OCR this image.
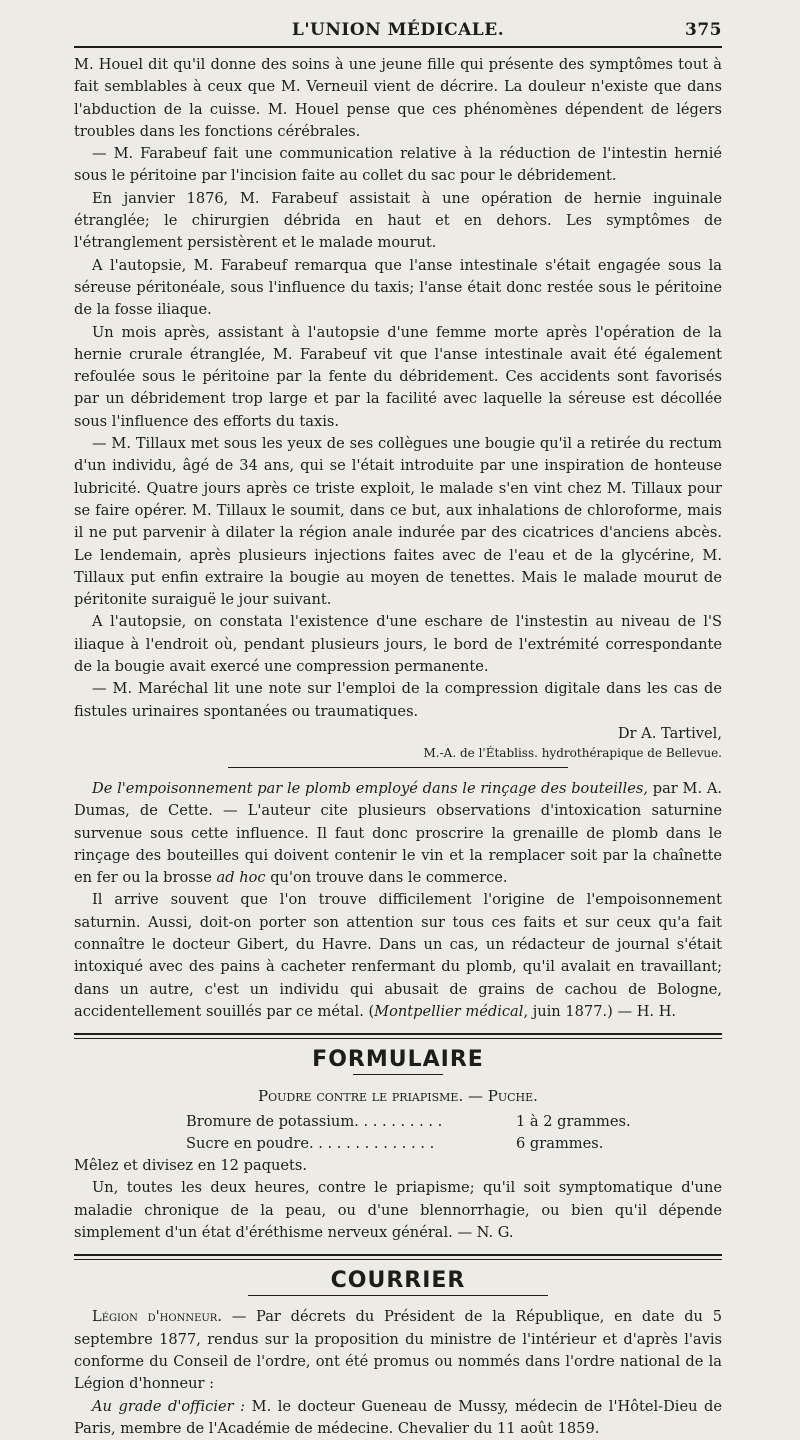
L'UNION MÉDICALE.	375

M. Houel dit qu'il donne des soins à une jeune fille qui présente des symptômes tout à fait semblables à ceux que M. Verneuil vient de décrire. La douleur n'existe que dans l'abduction de la cuisse. M. Houel pense que ces phénomènes dépendent de légers troubles dans les fonctions cérébrales.

— M. Farabeuf fait une communication relative à la réduction de l'intestin hernié sous le péritoine par l'incision faite au collet du sac pour le débridement.

En janvier 1876, M. Farabeuf assistait à une opération de hernie inguinale étranglée; le chirurgien débrida en haut et en dehors. Les symptômes de l'étranglement persistèrent et le malade mourut.

A l'autopsie, M. Farabeuf remarqua que l'anse intestinale s'était engagée sous la séreuse péritonéale, sous l'influence du taxis; l'anse était donc restée sous le péritoine de la fosse iliaque.

Un mois après, assistant à l'autopsie d'une femme morte après l'opération de la hernie crurale étranglée, M. Farabeuf vit que l'anse intestinale avait été également refoulée sous le péritoine par la fente du débridement. Ces accidents sont favorisés par un débridement trop large et par la facilité avec laquelle la séreuse est décollée sous l'influence des efforts du taxis.

— M. Tillaux met sous les yeux de ses collègues une bougie qu'il a retirée du rectum d'un individu, âgé de 34 ans, qui se l'était introduite par une inspiration de honteuse lubricité. Quatre jours après ce triste exploit, le malade s'en vint chez M. Tillaux pour se faire opérer. M. Tillaux le soumit, dans ce but, aux inhalations de chloroforme, mais il ne put parvenir à dilater la région anale indurée par des cicatrices d'anciens abcès. Le lendemain, après plusieurs injections faites avec de l'eau et de la glycérine, M. Tillaux put enfin extraire la bougie au moyen de tenettes. Mais le malade mourut de péritonite suraiguë le jour suivant.

A l'autopsie, on constata l'existence d'une eschare de l'instestin au niveau de l'S iliaque à l'endroit où, pendant plusieurs jours, le bord de l'extrémité correspondante de la bougie avait exercé une compression permanente.

— M. Maréchal lit une note sur l'emploi de la compression digitale dans les cas de fistules urinaires spontanées ou traumatiques.

Dr A. Tartivel,
M.-A. de l'Établiss. hydrothérapique de Bellevue.

De l'empoisonnement par le plomb employé dans le rinçage des bouteilles, par M. A. Dumas, de Cette. — L'auteur cite plusieurs observations d'intoxication saturnine survenue sous cette influence. Il faut donc proscrire la grenaille de plomb dans le rinçage des bouteilles qui doivent contenir le vin et la remplacer soit par la chaînette en fer ou la brosse ad hoc qu'on trouve dans le commerce.

Il arrive souvent que l'on trouve difficilement l'origine de l'empoisonnement saturnin. Aussi, doit-on porter son attention sur tous ces faits et sur ceux qu'a fait connaître le docteur Gibert, du Havre. Dans un cas, un rédacteur de journal s'était intoxiqué avec des pains à cacheter renfermant du plomb, qu'il avalait en travaillant; dans un autre, c'est un individu qui abusait de grains de cachou de Bologne, accidentellement souillés par ce métal. (Montpellier médical, juin 1877.) — H. H.

FORMULAIRE
Poudre contre le priapisme. — Puche.
Bromure de potassium. . . . . . . . . .	1 à 2 grammes.
Sucre en poudre. . . . . . . . . . . . . .	6 grammes.

Mêlez et divisez en 12 paquets.

Un, toutes les deux heures, contre le priapisme; qu'il soit symptomatique d'une maladie chronique de la peau, ou d'une blennorrhagie, ou bien qu'il dépende simplement d'un état d'éréthisme nerveux général. — N. G.

COURRIER

Légion d'honneur. — Par décrets du Président de la République, en date du 5 septembre 1877, rendus sur la proposition du ministre de l'intérieur et d'après l'avis conforme du Conseil de l'ordre, ont été promus ou nommés dans l'ordre national de la Légion d'honneur :

Au grade d'officier : M. le docteur Gueneau de Mussy, médecin de l'Hôtel-Dieu de Paris, membre de l'Académie de médecine. Chevalier du 11 août 1859.
